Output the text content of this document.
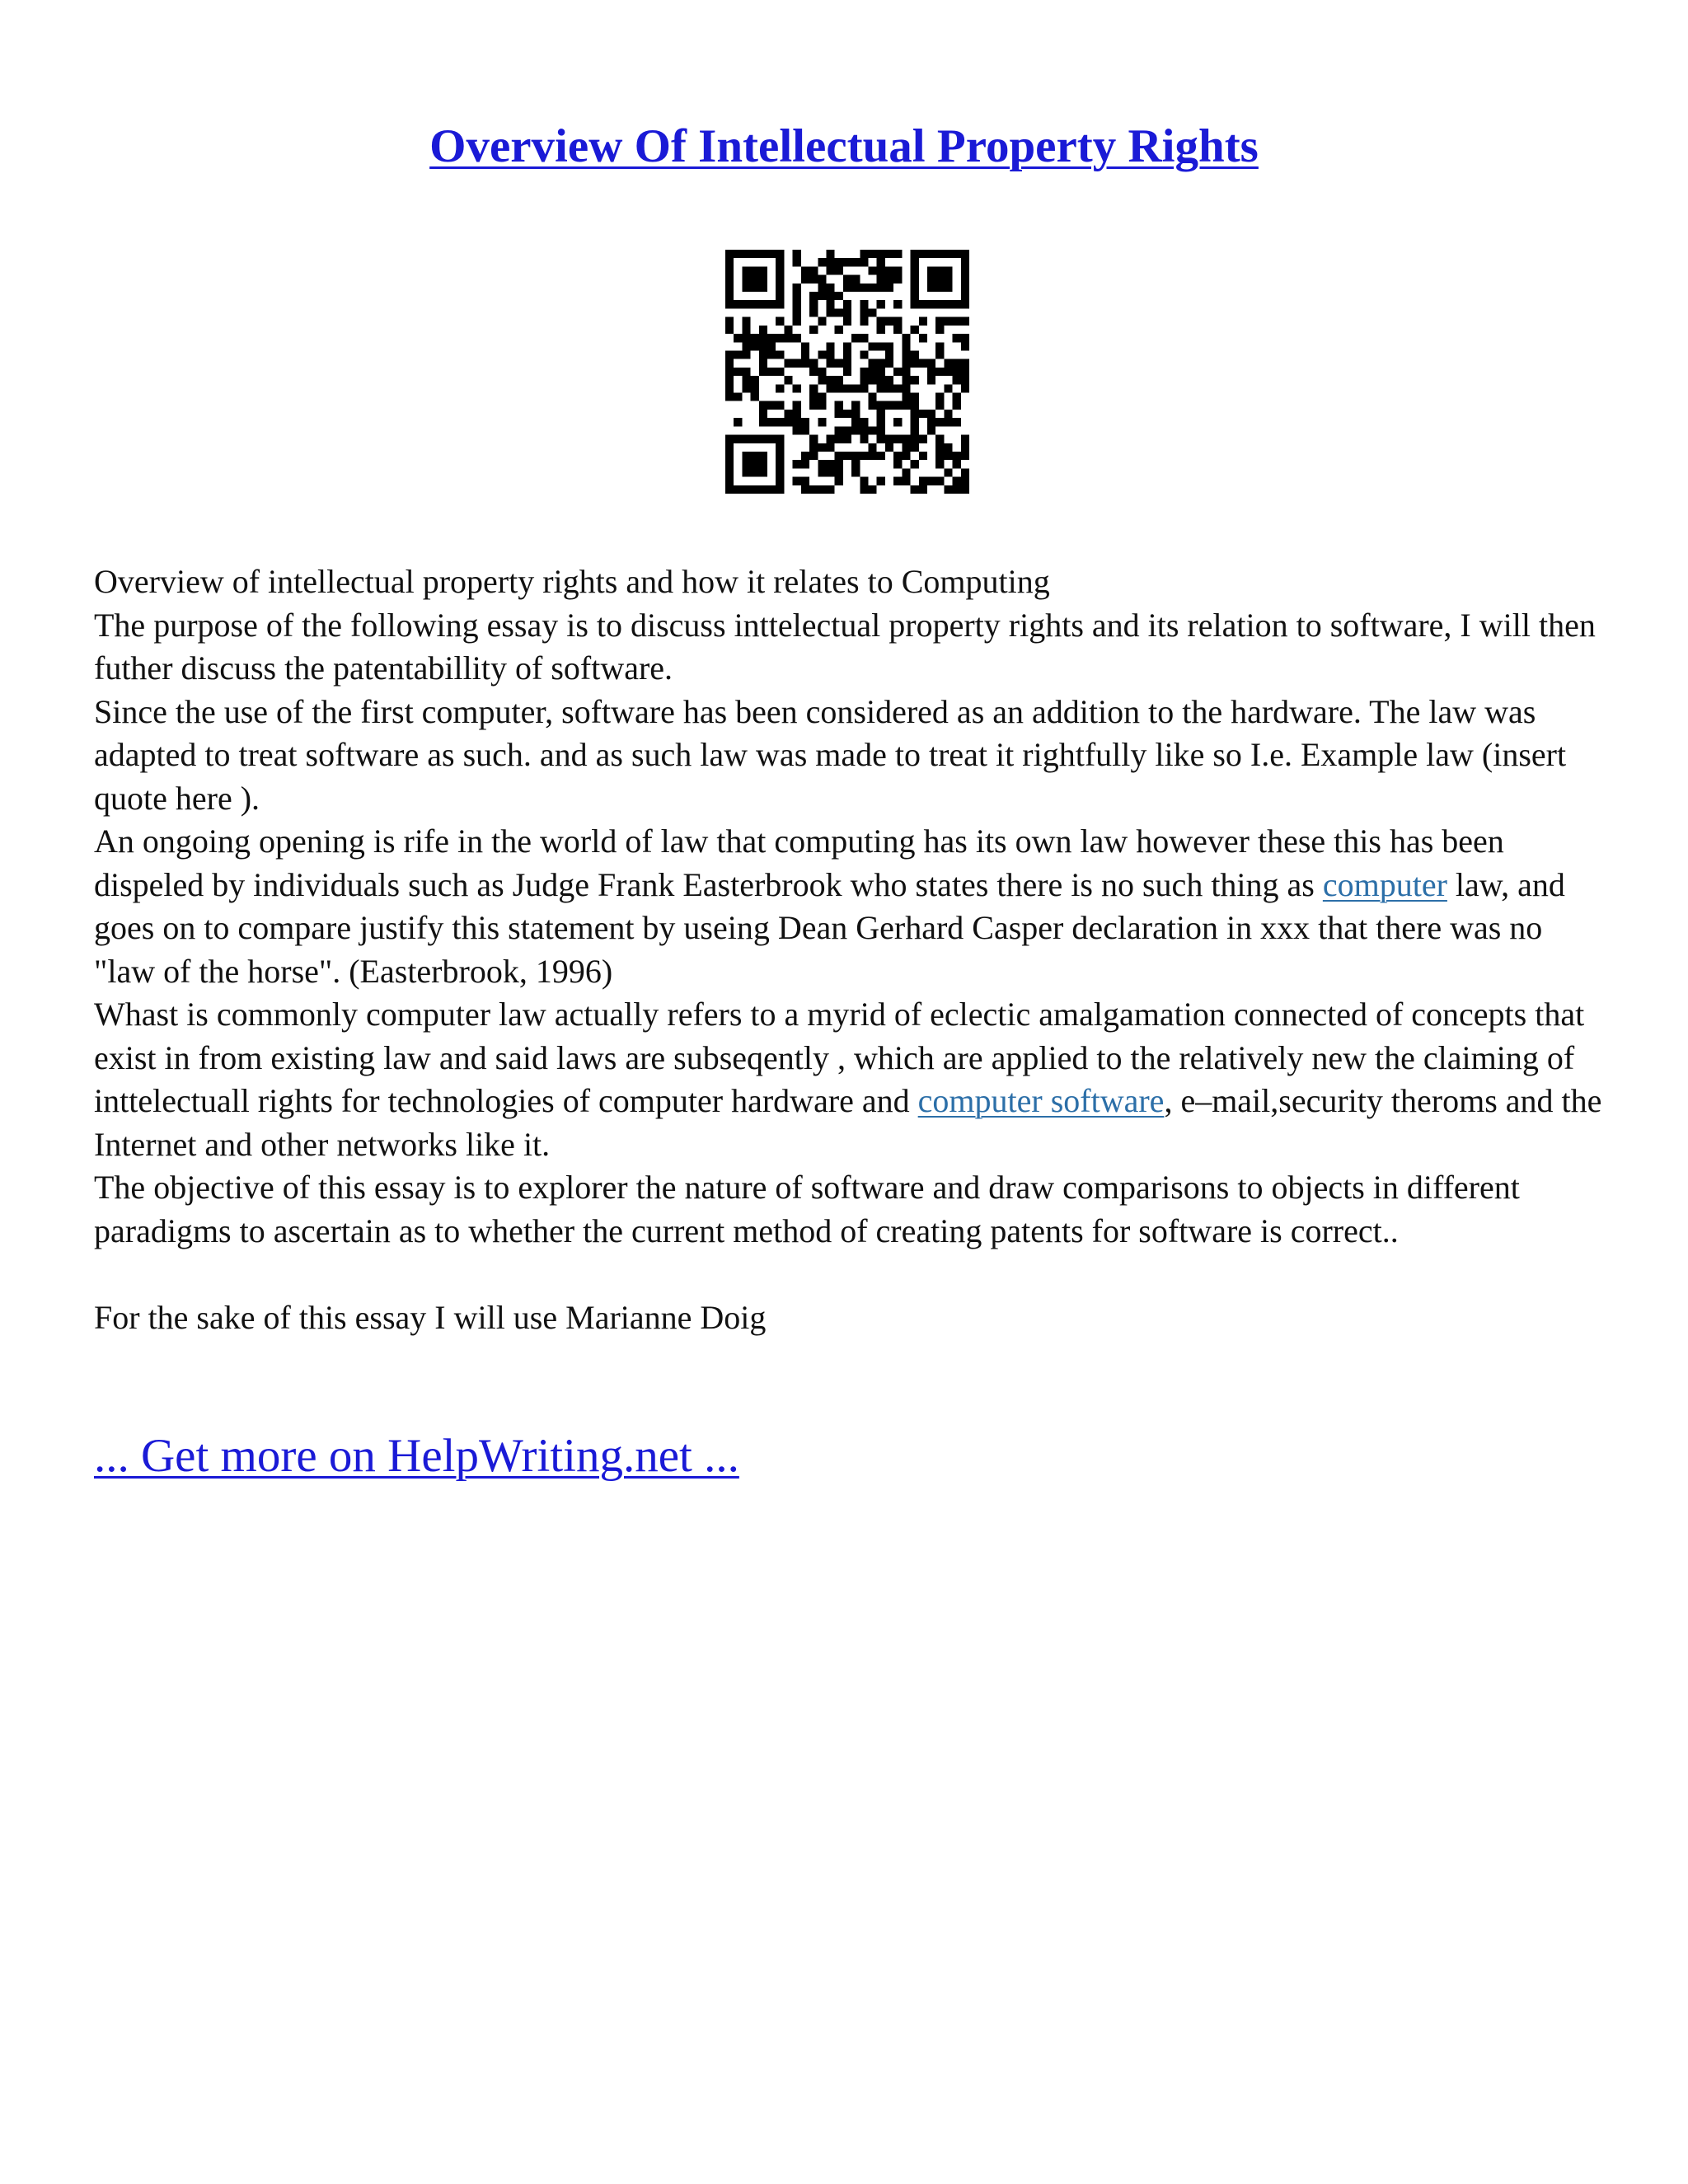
Overview Of Intellectual Property Rights

Overview of intellectual property rights and how it relates to Computing

The purpose of the following essay is to discuss inttelectual property rights and its relation to software, I will then futher discuss the patentabillity of software.

Since the use of the first computer, software has been considered as an addition to the hardware. The law was adapted to treat software as such. and as such law was made to treat it rightfully like so I.e. Example law (insert quote here ).

An ongoing opening is rife in the world of law that computing has its own law however these this has been dispeled by individuals such as Judge Frank Easterbrook who states there is no such thing as computer law, and goes on to compare justify this statement by useing Dean Gerhard Casper declaration in xxx that there was no "law of the horse". (Easterbrook, 1996)

Whast is commonly computer law actually refers to a myrid of eclectic amalgamation connected of concepts that exist in from existing law and said laws are subseqently , which are applied to the relatively new the claiming of inttelectuall rights for technologies of computer hardware and computer software, e–mail,security theroms and the Internet and other networks like it.

The objective of this essay is to explorer the nature of software and draw comparisons to objects in different paradigms to ascertain as to whether the current method of creating patents for software is correct..

For the sake of this essay I will use Marianne Doig

... Get more on HelpWriting.net ...
